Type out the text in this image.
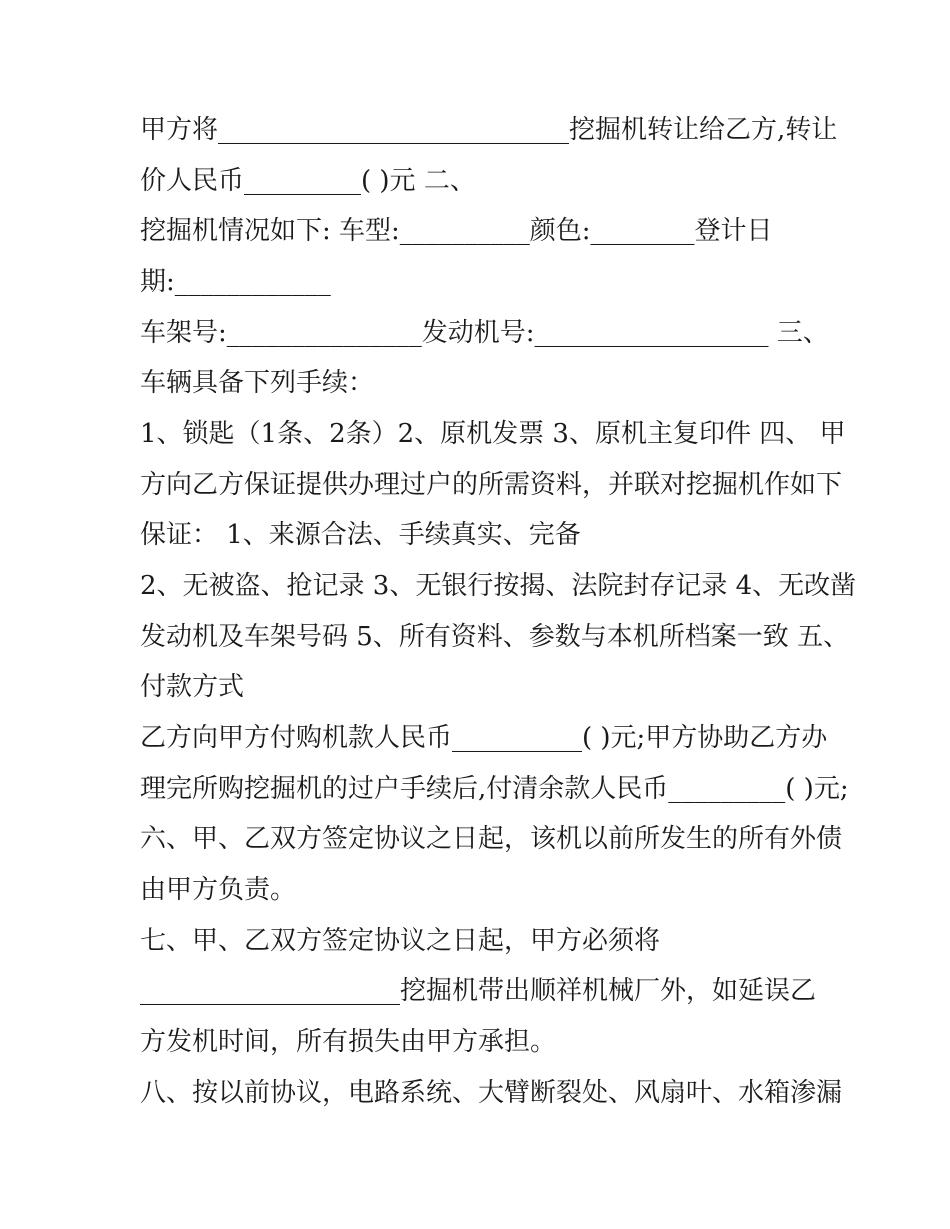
甲方将___________________________挖掘机转让给乙方,转让
价人民币_________( )元 二、
挖掘机情况如下: 车型:__________颜色:________登计日
期:____________
车架号:_______________发动机号:__________________ 三、
车辆具备下列手续：
1、锁匙（1条、2条）2、原机发票 3、原机主复印件 四、 甲
方向乙方保证提供办理过户的所需资料，并联对挖掘机作如下
保证： 1、来源合法、手续真实、完备
2、无被盗、抢记录 3、无银行按揭、法院封存记录 4、无改凿
发动机及车架号码 5、所有资料、参数与本机所档案一致 五、
付款方式
乙方向甲方付购机款人民币__________( )元;甲方协助乙方办
理完所购挖掘机的过户手续后,付清余款人民币_________( )元;
六、甲、乙双方签定协议之日起，该机以前所发生的所有外债
由甲方负责。
七、甲、乙双方签定协议之日起，甲方必须将
____________________挖掘机带出顺祥机械厂外，如延误乙
方发机时间，所有损失由甲方承担。
八、按以前协议，电路系统、大臂断裂处、风扇叶、水箱渗漏
